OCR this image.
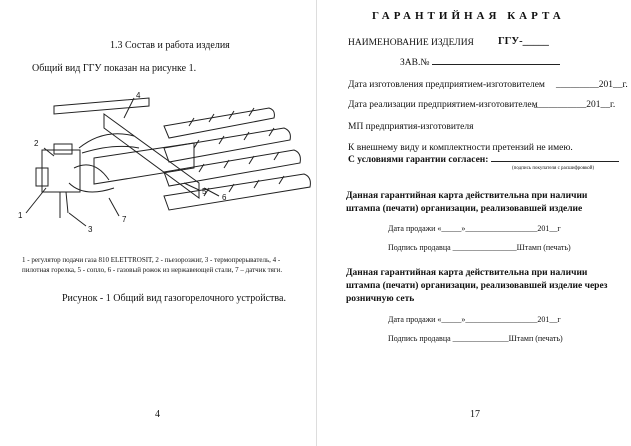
1.3 Состав и работа изделия
Общий вид ГГУ показан на рисунке 1.
1
2
3
4
5
6
7
1 - регулятор подачи газа 810 ELETTROSIT, 2 - пьезорозжиг, 3 - термопрерыватель, 4 - пилотная горелка, 5 - сопло, 6 - газовый рожок из нержавеющей стали, 7 – датчик тяги.
Рисунок - 1 Общий вид газогорелочного устройства.
4
ГАРАНТИЙНАЯ КАРТА
НАИМЕНОВАНИЕ ИЗДЕЛИЯ ГГУ-_____
ЗАВ.№
Дата изготовления предприятием-изготовителем _________201__г.
Дата реализации предприятием-изготовителем
___________201__г.
МП предприятия-изготовителя
К внешнему виду и комплектности претензий не имею.
С условиями гарантии согласен:
(подпись покупателя с расшифровкой)
Данная гарантийная карта действительна при наличии штампа (печати) организации, реализовавшей изделие
Дата продажи «_____»__________________201__г
Подпись продавца ________________Штамп (печать)
Данная гарантийная карта действительна при наличии штампа (печати) организации, реализовавшей изделие через розничную сеть
Дата продажи «_____»__________________201__г
Подпись продавца ______________Штамп (печать)
17
